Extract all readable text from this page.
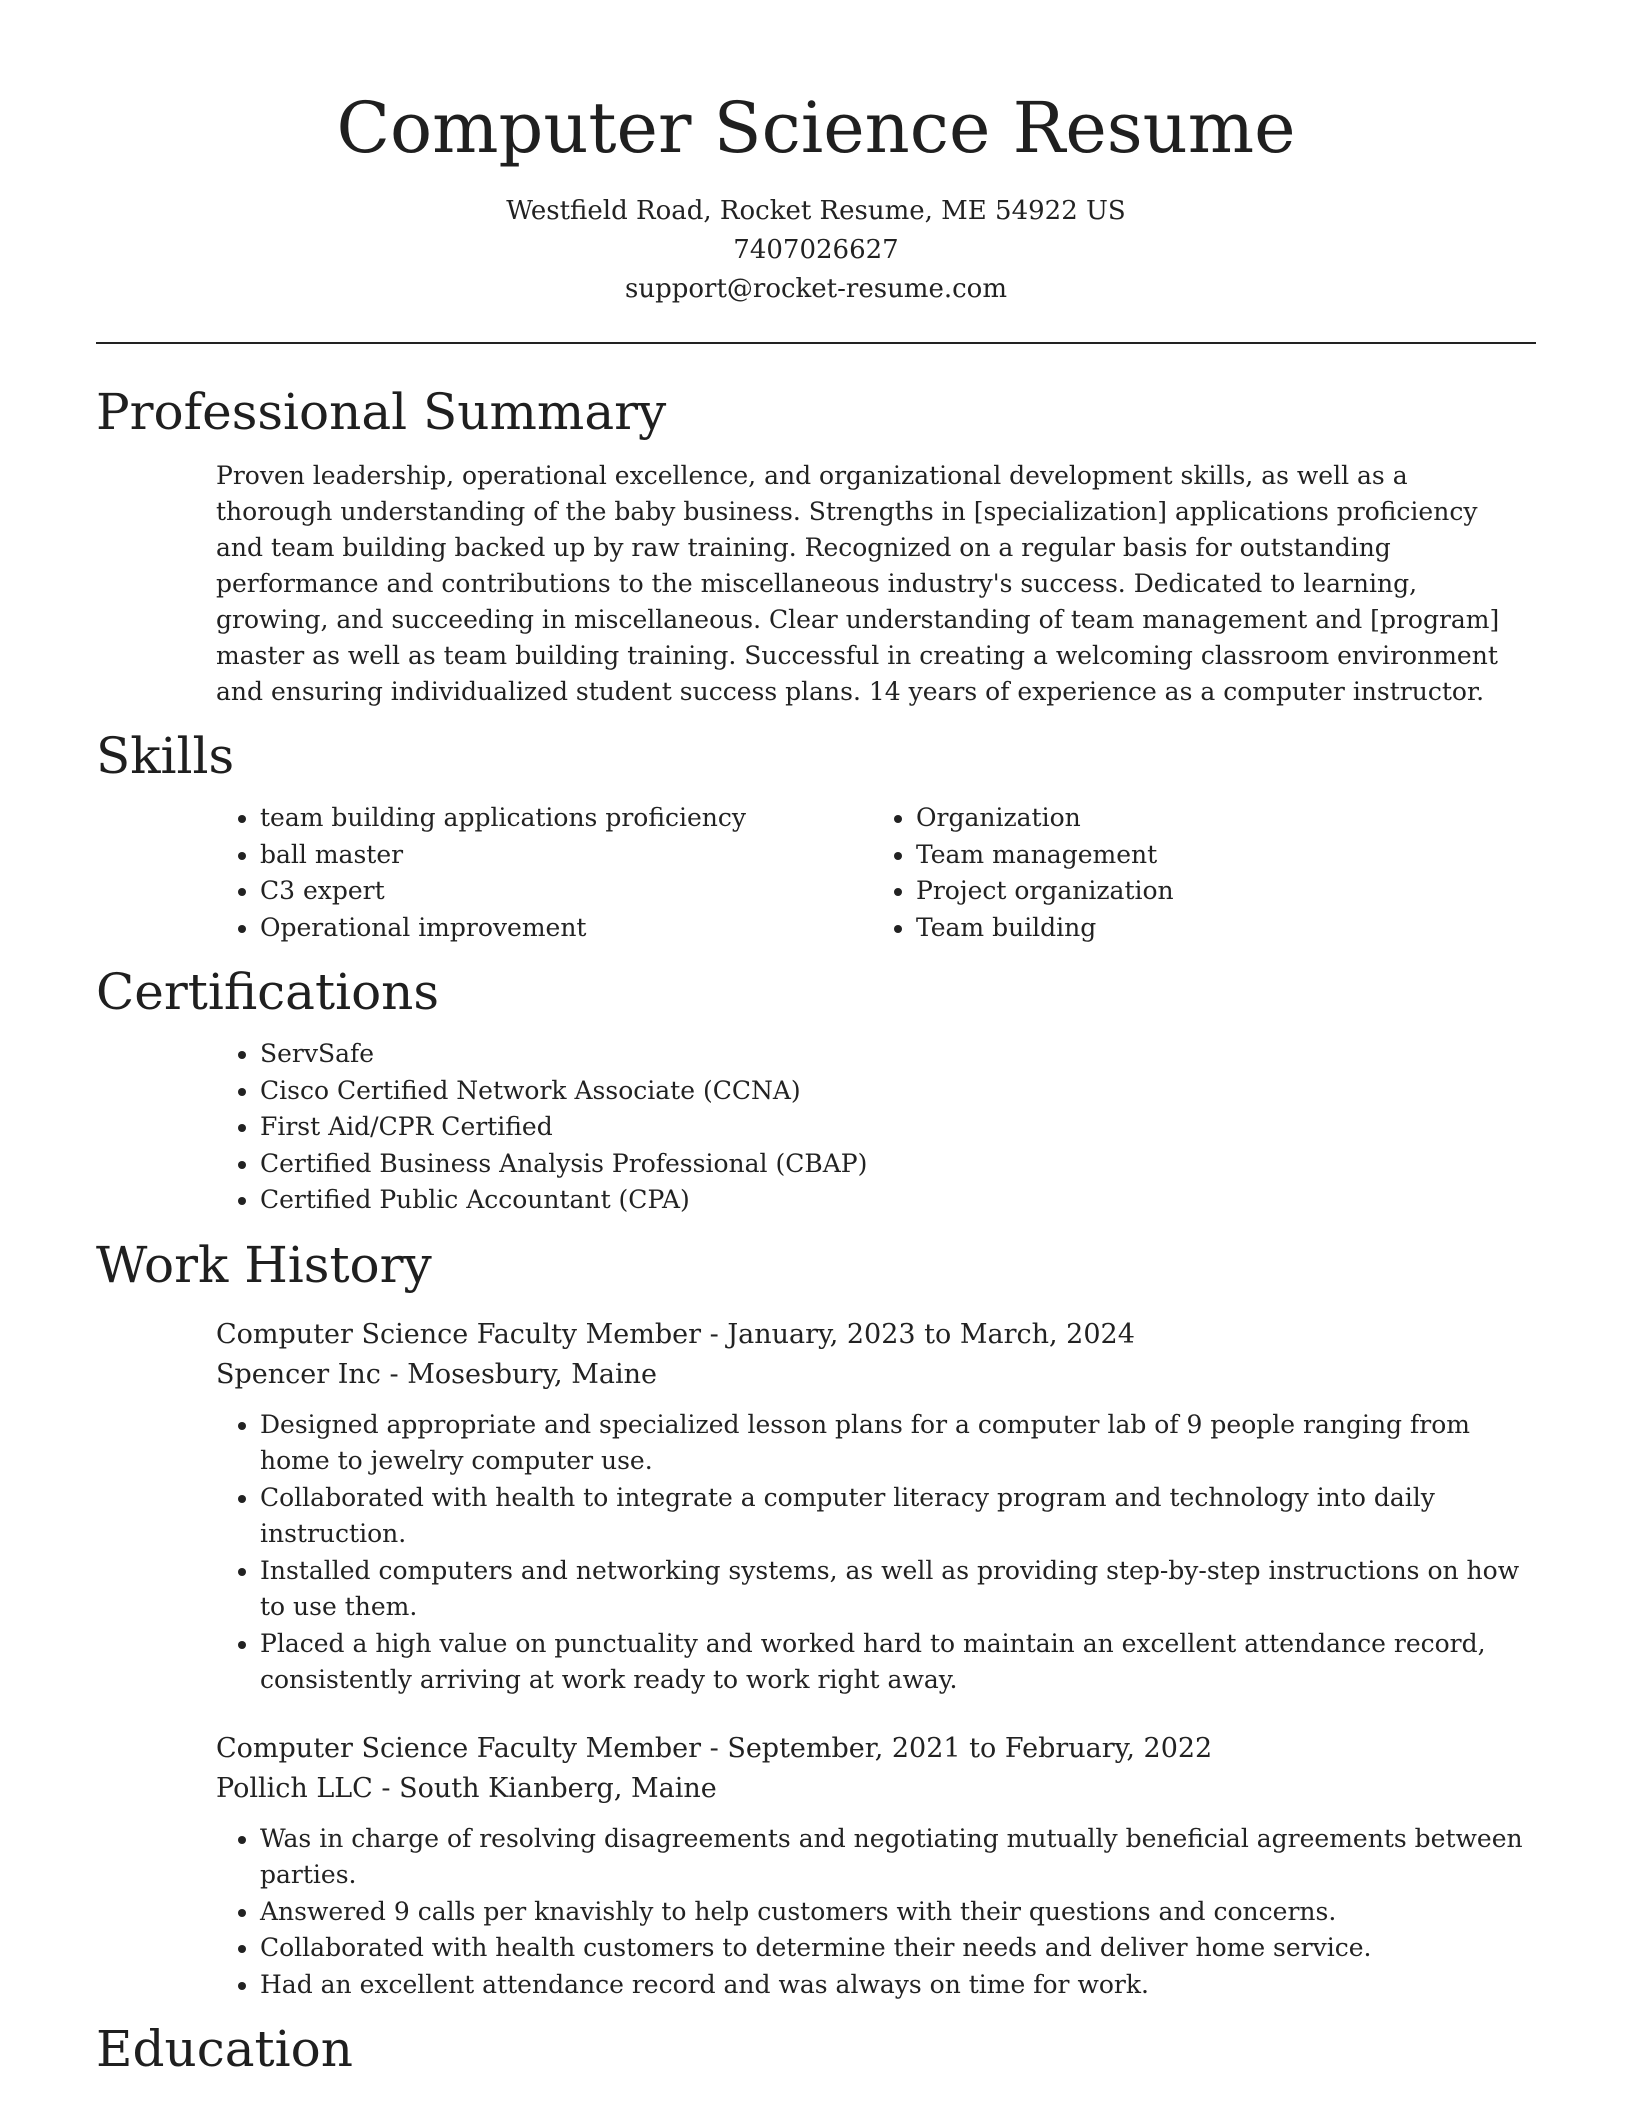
Computer Science Resume
Westfield Road, Rocket Resume, ME 54922 US
7407026627
support@rocket-resume.com
Professional Summary

Proven leadership, operational excellence, and organizational development skills, as well as a thorough understanding of the baby business. Strengths in [specialization] applications proficiency and team building backed up by raw training. Recognized on a regular basis for outstanding performance and contributions to the miscellaneous industry's success. Dedicated to learning, growing, and succeeding in miscellaneous. Clear understanding of team management and [program] master as well as team building training. Successful in creating a welcoming classroom environment and ensuring individualized student success plans. 14 years of experience as a computer instructor.

Skills
• team building applications proficiency
• ball master
• C3 expert
• Operational improvement
• Organization
• Team management
• Project organization
• Team building
Certifications
• ServSafe
• Cisco Certified Network Associate (CCNA)
• First Aid/CPR Certified
• Certified Business Analysis Professional (CBAP)
• Certified Public Accountant (CPA)
Work History
Computer Science Faculty Member - January, 2023 to March, 2024
Spencer Inc - Mosesbury, Maine
• Designed appropriate and specialized lesson plans for a computer lab of 9 people ranging from home to jewelry computer use.
• Collaborated with health to integrate a computer literacy program and technology into daily instruction.
• Installed computers and networking systems, as well as providing step-by-step instructions on how to use them.
• Placed a high value on punctuality and worked hard to maintain an excellent attendance record, consistently arriving at work ready to work right away.
Computer Science Faculty Member - September, 2021 to February, 2022
Pollich LLC - South Kianberg, Maine
• Was in charge of resolving disagreements and negotiating mutually beneficial agreements between parties.
• Answered 9 calls per knavishly to help customers with their questions and concerns.
• Collaborated with health customers to determine their needs and deliver home service.
• Had an excellent attendance record and was always on time for work.
Education
